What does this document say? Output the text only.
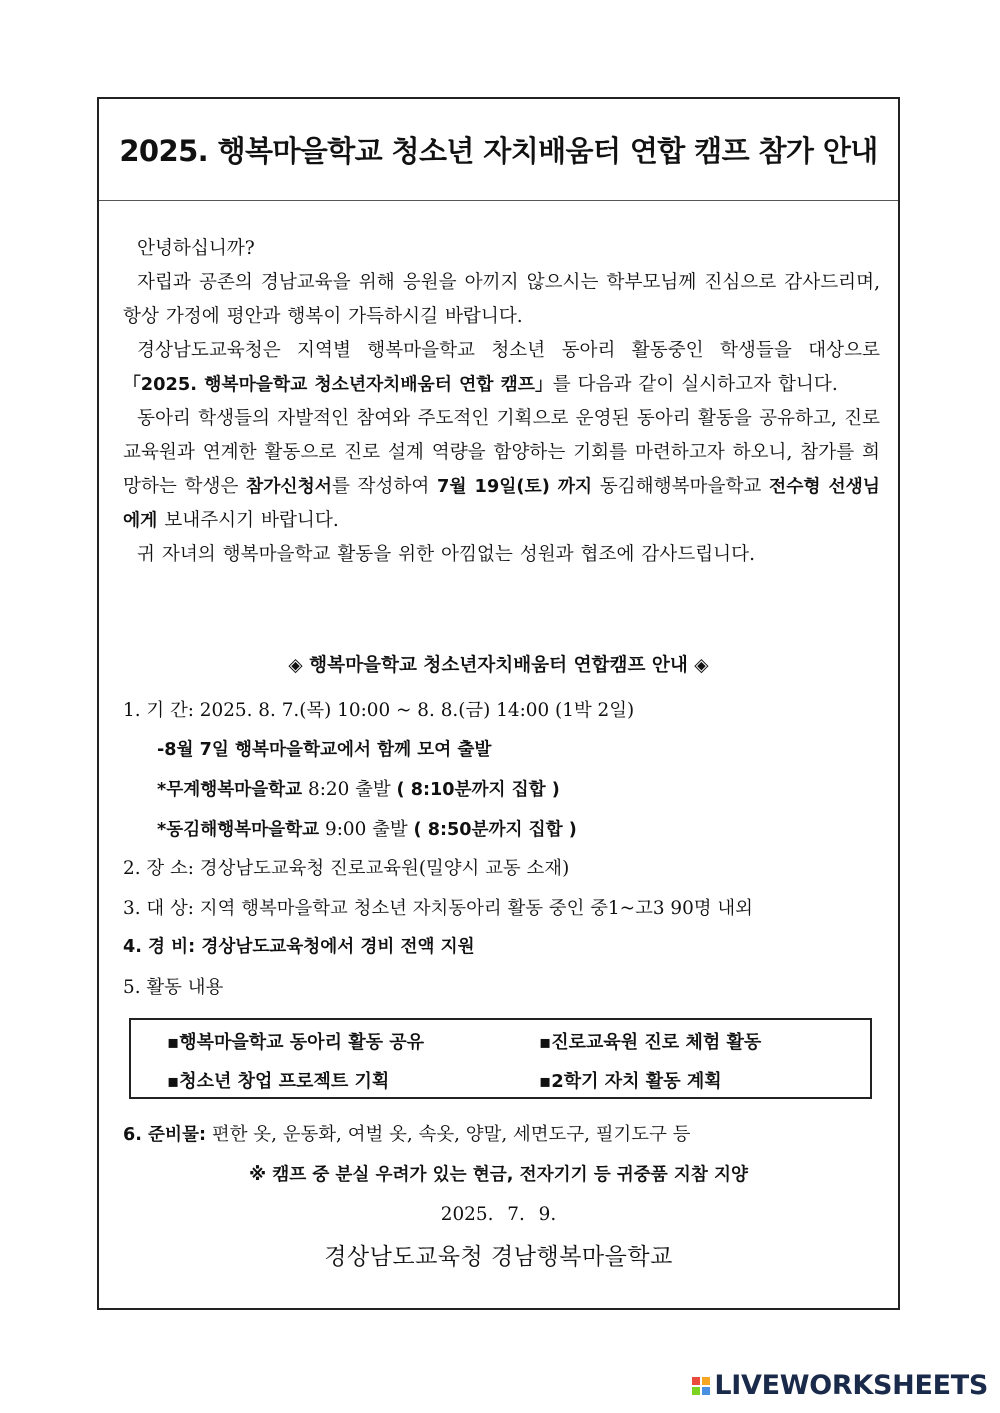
2025. 행복마을학교 청소년 자치배움터 연합 캠프 참가 안내

안녕하십니까?

자립과 공존의 경남교육을 위해 응원을 아끼지 않으시는 학부모님께 진심으로 감사드리며, 항상 가정에 평안과 행복이 가득하시길 바랍니다.

경상남도교육청은 지역별 행복마을학교 청소년 동아리 활동중인 학생들을 대상으로 「2025. 행복마을학교 청소년자치배움터 연합 캠프」를 다음과 같이 실시하고자 합니다.

동아리 학생들의 자발적인 참여와 주도적인 기획으로 운영된 동아리 활동을 공유하고, 진로교육원과 연계한 활동으로 진로 설계 역량을 함양하는 기회를 마련하고자 하오니, 참가를 희망하는 학생은 참가신청서를 작성하여 7월 19일(토) 까지 동김해행복마을학교 전수형 선생님에게 보내주시기 바랍니다.

귀 자녀의 행복마을학교 활동을 위한 아낌없는 성원과 협조에 감사드립니다.

◈ 행복마을학교 청소년자치배움터 연합캠프 안내 ◈
1. 기 간: 2025. 8. 7.(목) 10:00 ~ 8. 8.(금) 14:00 (1박 2일)
-8월 7일 행복마을학교에서 함께 모여 출발
*무계행복마을학교 8:20 출발 ( 8:10분까지 집합 )
*동김해행복마을학교 9:00 출발 ( 8:50분까지 집합 )
2. 장 소: 경상남도교육청 진로교육원(밀양시 교동 소재)
3. 대 상: 지역 행복마을학교 청소년 자치동아리 활동 중인 중1~고3 90명 내외
4. 경 비: 경상남도교육청에서 경비 전액 지원
5. 활동 내용
▪행복마을학교 동아리 활동 공유	▪진로교육원 진로 체험 활동
▪청소년 창업 프로젝트 기획	▪2학기 자치 활동 계획
6. 준비물: 편한 옷, 운동화, 여벌 옷, 속옷, 양말, 세면도구, 필기도구 등
※ 캠프 중 분실 우려가 있는 현금, 전자기기 등 귀중품 지참 지양
2025. 7. 9.
경상남도교육청 경남행복마을학교
LIVEWORKSHEETS
